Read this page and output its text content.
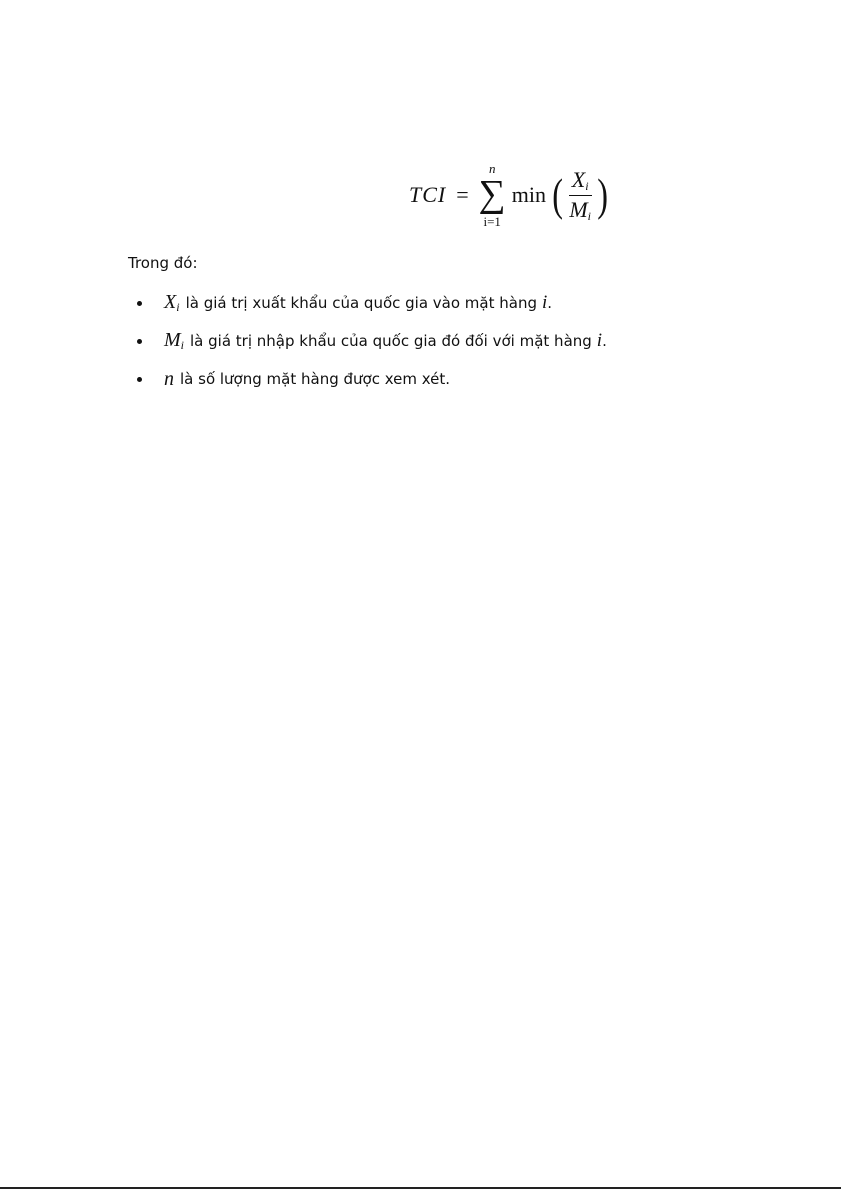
TCI =
n
∑
i=1
min ( $\frac{X_i}{M_i}$ )
Trong đó:
$X_i$ là giá trị xuất khẩu của quốc gia vào mặt hàng i .
$M_i$ là giá trị nhập khẩu của quốc gia đó đối với mặt hàng i .
n là số lượng mặt hàng được xem xét.
